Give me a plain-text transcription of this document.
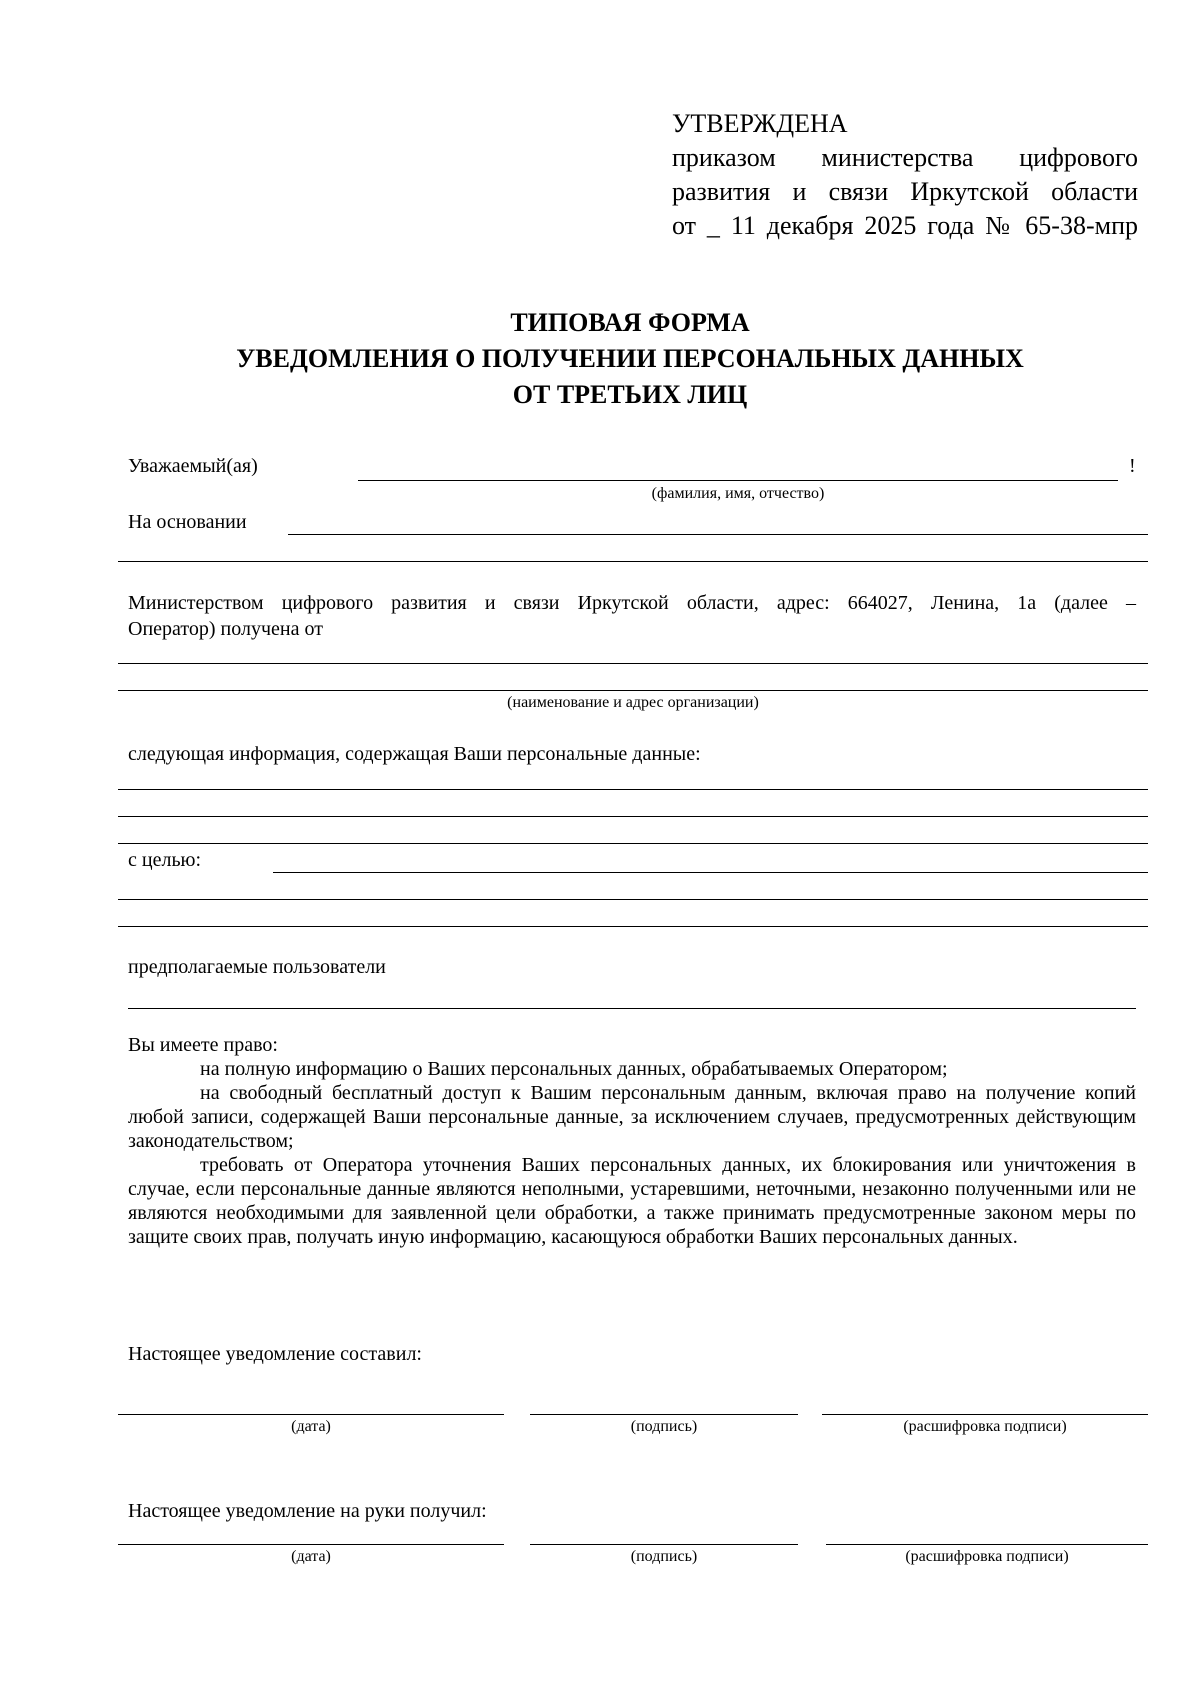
УТВЕРЖДЕНА
приказом министерства цифрового
развития и связи Иркутской области
от _ 11 декабря 2025 года № 65-38-мпр
ТИПОВАЯ ФОРМА
УВЕДОМЛЕНИЯ О ПОЛУЧЕНИИ ПЕРСОНАЛЬНЫХ ДАННЫХ
ОТ ТРЕТЬИХ ЛИЦ
Уважаемый(ая)	!
(фамилия, имя, отчество)
На основании
Министерством цифрового развития и связи Иркутской области, адрес: 664027, Ленина, 1а (далее –
Оператор) получена от
(наименование и адрес организации)
следующая информация, содержащая Ваши персональные данные:
с целью:
предполагаемые пользователи

Вы имеете право:

на полную информацию о Ваших персональных данных, обрабатываемых Оператором;

на свободный бесплатный доступ к Вашим персональным данным, включая право на получение копий любой записи, содержащей Ваши персональные данные, за исключением случаев, предусмотренных действующим законодательством;

требовать от Оператора уточнения Ваших персональных данных, их блокирования или уничтожения в случае, если персональные данные являются неполными, устаревшими, неточными, незаконно полученными или не являются необходимыми для заявленной цели обработки, а также принимать предусмотренные законом меры по защите своих прав, получать иную информацию, касающуюся обработки Ваших персональных данных.

Настоящее уведомление составил:
(дата)	(подпись)	(расшифровка подписи)
Настоящее уведомление на руки получил:
(дата)	(подпись)	(расшифровка подписи)
